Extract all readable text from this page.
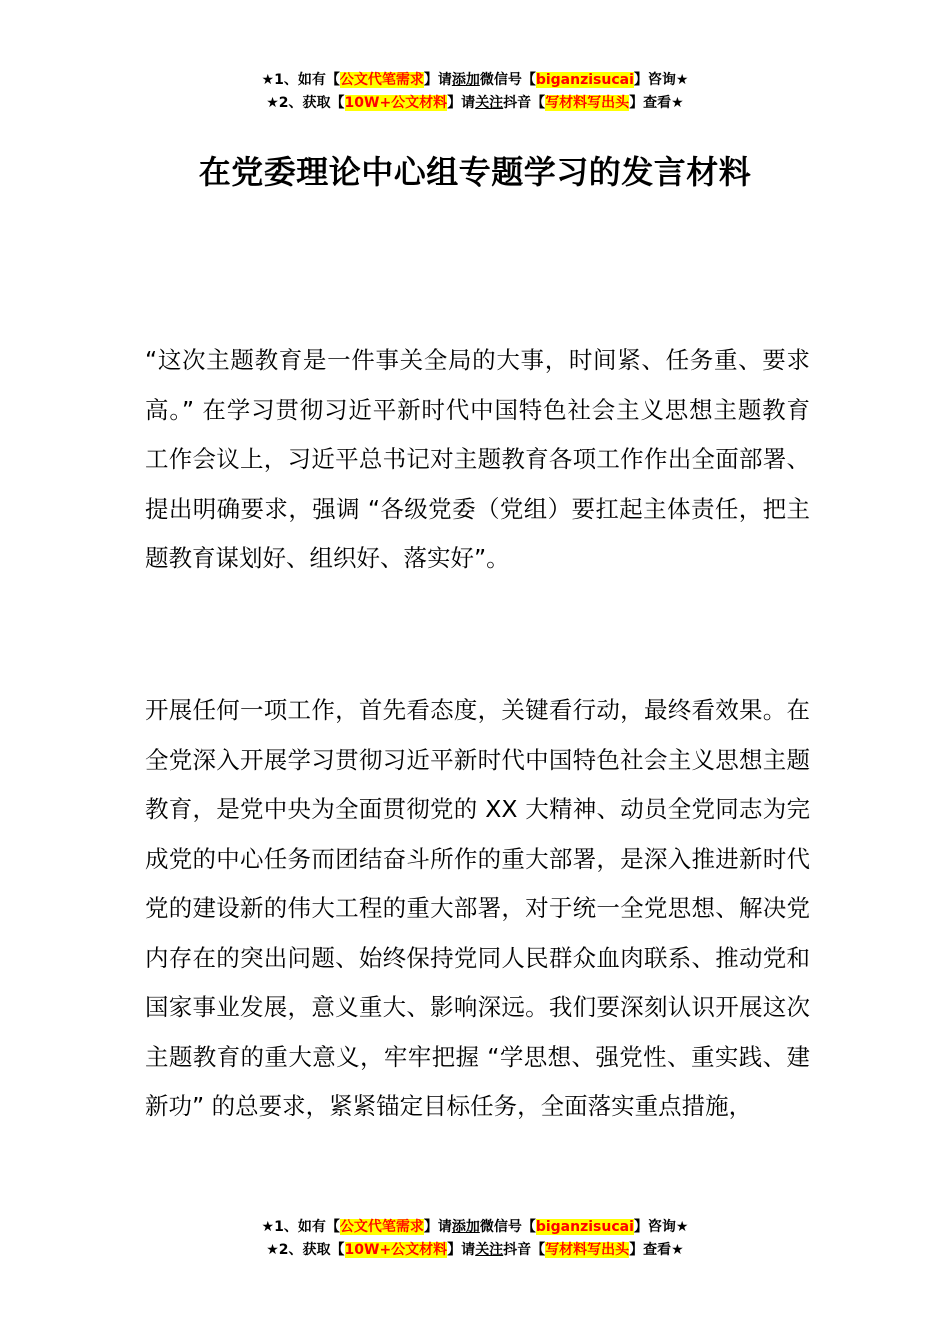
★1、如有【公文代笔需求】请添加微信号【biganzisucai】咨询★
★2、获取【10W+公文材料】请关注抖音【写材料写出头】查看★
在党委理论中心组专题学习的发言材料

“这次主题教育是一件事关全局的大事，时间紧、任务重、要求高。” 在学习贯彻习近平新时代中国特色社会主义思想主题教育工作会议上，习近平总书记对主题教育各项工作作出全面部署、提出明确要求，强调 “各级党委（党组）要扛起主体责任，把主题教育谋划好、组织好、落实好”。

开展任何一项工作，首先看态度，关键看行动，最终看效果。在全党深入开展学习贯彻习近平新时代中国特色社会主义思想主题教育，是党中央为全面贯彻党的 XX 大精神、动员全党同志为完成党的中心任务而团结奋斗所作的重大部署，是深入推进新时代党的建设新的伟大工程的重大部署，对于统一全党思想、解决党内存在的突出问题、始终保持党同人民群众血肉联系、推动党和国家事业发展，意义重大、影响深远。我们要深刻认识开展这次主题教育的重大意义，牢牢把握 “学思想、强党性、重实践、建新功” 的总要求，紧紧锚定目标任务，全面落实重点措施，

★1、如有【公文代笔需求】请添加微信号【biganzisucai】咨询★
★2、获取【10W+公文材料】请关注抖音【写材料写出头】查看★
